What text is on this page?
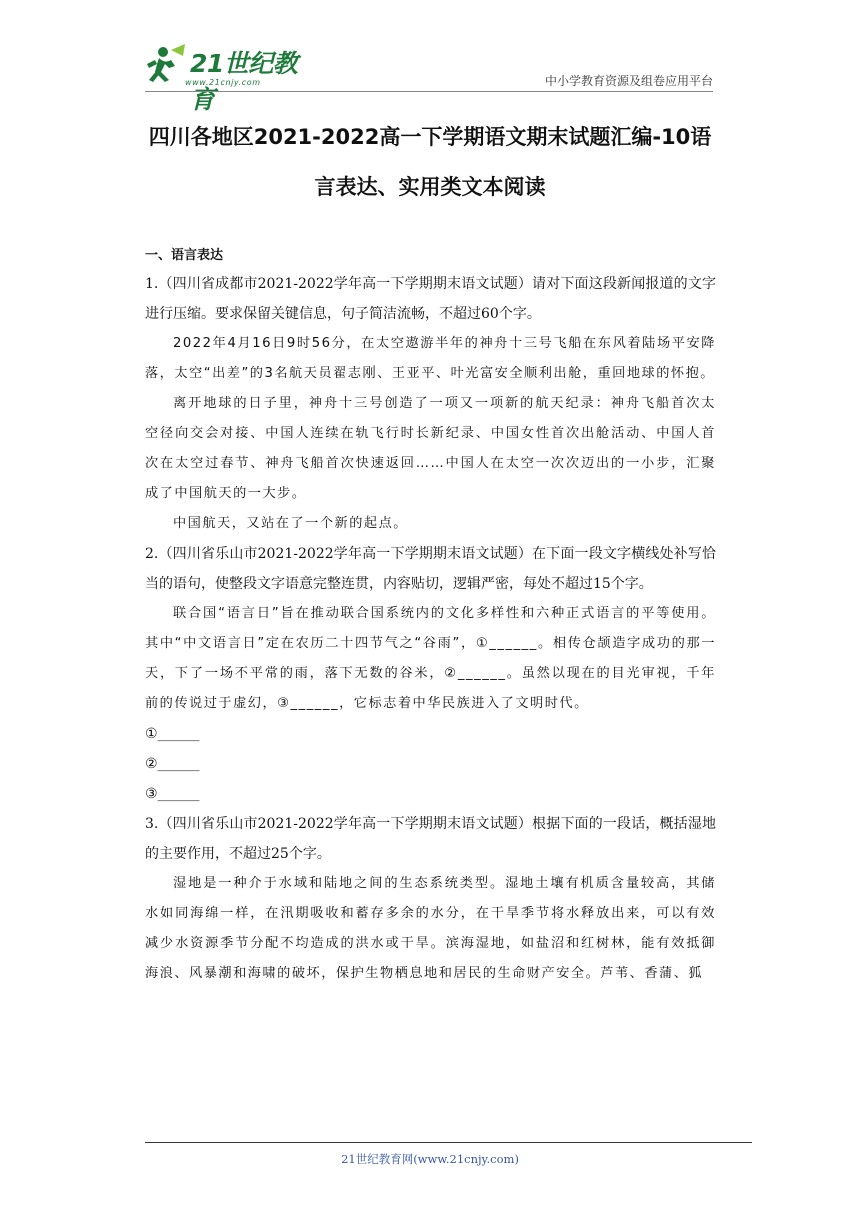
21世纪教育
www.21cnjy.com	中小学教育资源及组卷应用平台
四川各地区2021-2022高一下学期语文期末试题汇编-10语
言表达、实用类文本阅读
一、语言表达

1.（四川省成都市2021-2022学年高一下学期期末语文试题）请对下面这段新闻报道的文字进行压缩。要求保留关键信息，句子简洁流畅，不超过60个字。

2022年4月16日9时56分，在太空遨游半年的神舟十三号飞船在东风着陆场平安降落，太空“出差”的3名航天员翟志刚、王亚平、叶光富安全顺利出舱，重回地球的怀抱。

离开地球的日子里，神舟十三号创造了一项又一项新的航天纪录：神舟飞船首次太空径向交会对接、中国人连续在轨飞行时长新纪录、中国女性首次出舱活动、中国人首次在太空过春节、神舟飞船首次快速返回……中国人在太空一次次迈出的一小步，汇聚成了中国航天的一大步。

中国航天，又站在了一个新的起点。

2.（四川省乐山市2021-2022学年高一下学期期末语文试题）在下面一段文字横线处补写恰当的语句，使整段文字语意完整连贯，内容贴切，逻辑严密，每处不超过15个字。

联合国“语言日”旨在推动联合国系统内的文化多样性和六种正式语言的平等使用。其中“中文语言日”定在农历二十四节气之“谷雨”，①______。相传仓颉造字成功的那一天，下了一场不平常的雨，落下无数的谷米，②______。虽然以现在的目光审视，千年前的传说过于虚幻，③______，它标志着中华民族进入了文明时代。

①______

②______

③______

3.（四川省乐山市2021-2022学年高一下学期期末语文试题）根据下面的一段话，概括湿地的主要作用，不超过25个字。

湿地是一种介于水域和陆地之间的生态系统类型。湿地土壤有机质含量较高，其储水如同海绵一样，在汛期吸收和蓄存多余的水分，在干旱季节将水释放出来，可以有效减少水资源季节分配不均造成的洪水或干旱。滨海湿地，如盐沼和红树林，能有效抵御海浪、风暴潮和海啸的破坏，保护生物栖息地和居民的生命财产安全。芦苇、香蒲、狐

21世纪教育网(www.21cnjy.com)
